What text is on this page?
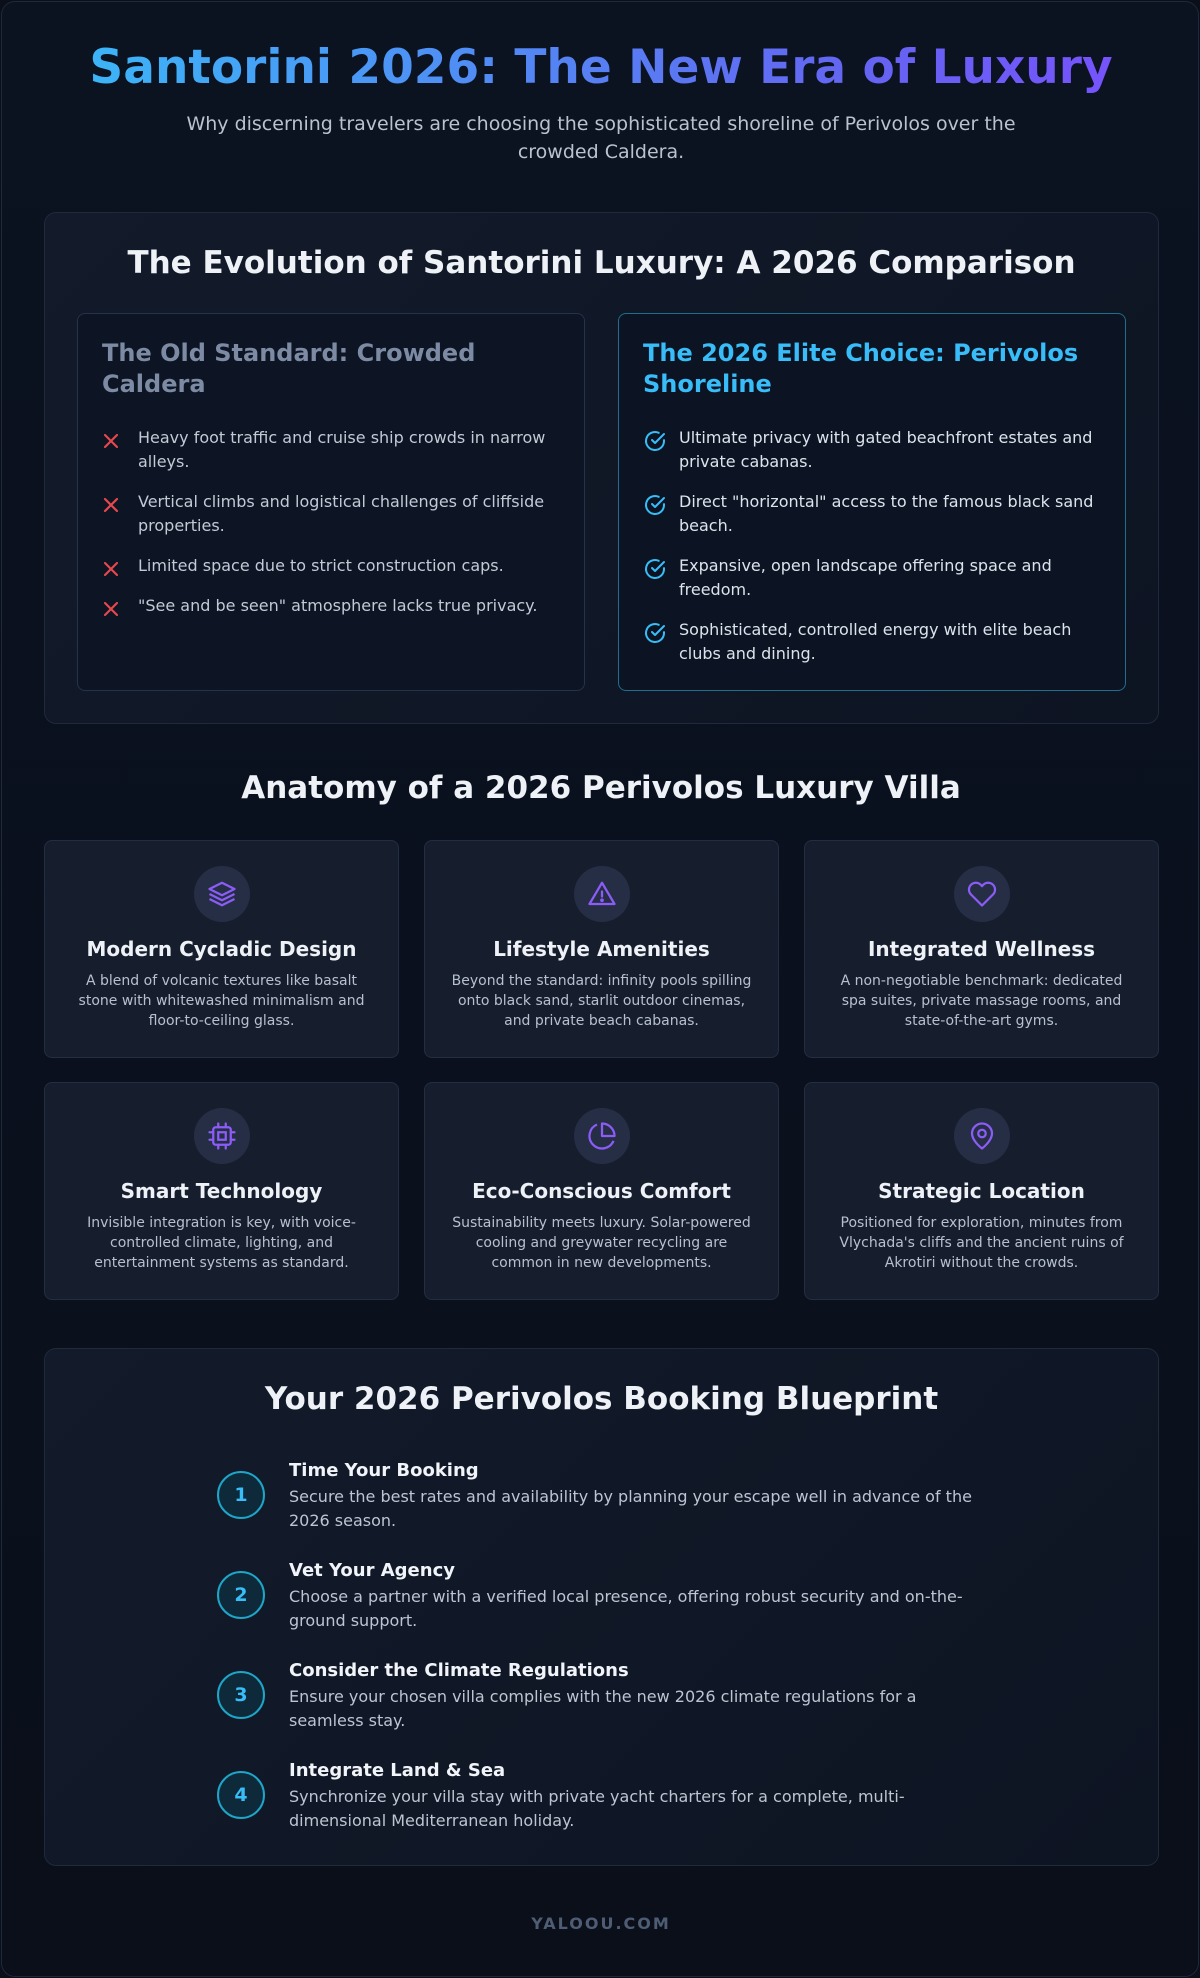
Santorini 2026: The New Era of Luxury

Why discerning travelers are choosing the sophisticated shoreline of Perivolos over the crowded Caldera.

The Evolution of Santorini Luxury: A 2026 Comparison
The Old Standard: Crowded Caldera
Heavy foot traffic and cruise ship crowds in narrow alleys.
Vertical climbs and logistical challenges of cliffside properties.
Limited space due to strict construction caps.
"See and be seen" atmosphere lacks true privacy.
The 2026 Elite Choice: Perivolos Shoreline
Ultimate privacy with gated beachfront estates and private cabanas.
Direct "horizontal" access to the famous black sand beach.
Expansive, open landscape offering space and freedom.
Sophisticated, controlled energy with elite beach clubs and dining.
Anatomy of a 2026 Perivolos Luxury Villa
Modern Cycladic Design

A blend of volcanic textures like basalt stone with whitewashed minimalism and floor-to-ceiling glass.

Lifestyle Amenities

Beyond the standard: infinity pools spilling onto black sand, starlit outdoor cinemas, and private beach cabanas.

Integrated Wellness

A non-negotiable benchmark: dedicated spa suites, private massage rooms, and state-of-the-art gyms.

Smart Technology

Invisible integration is key, with voice-controlled climate, lighting, and entertainment systems as standard.

Eco-Conscious Comfort

Sustainability meets luxury. Solar-powered cooling and greywater recycling are common in new developments.

Strategic Location

Positioned for exploration, minutes from Vlychada's cliffs and the ancient ruins of Akrotiri without the crowds.

Your 2026 Perivolos Booking Blueprint
1
Time Your Booking

Secure the best rates and availability by planning your escape well in advance of the 2026 season.

2
Vet Your Agency

Choose a partner with a verified local presence, offering robust security and on-the-ground support.

3
Consider the Climate Regulations

Ensure your chosen villa complies with the new 2026 climate regulations for a seamless stay.

4
Integrate Land & Sea

Synchronize your villa stay with private yacht charters for a complete, multi-dimensional Mediterranean holiday.

YALOOU.COM
